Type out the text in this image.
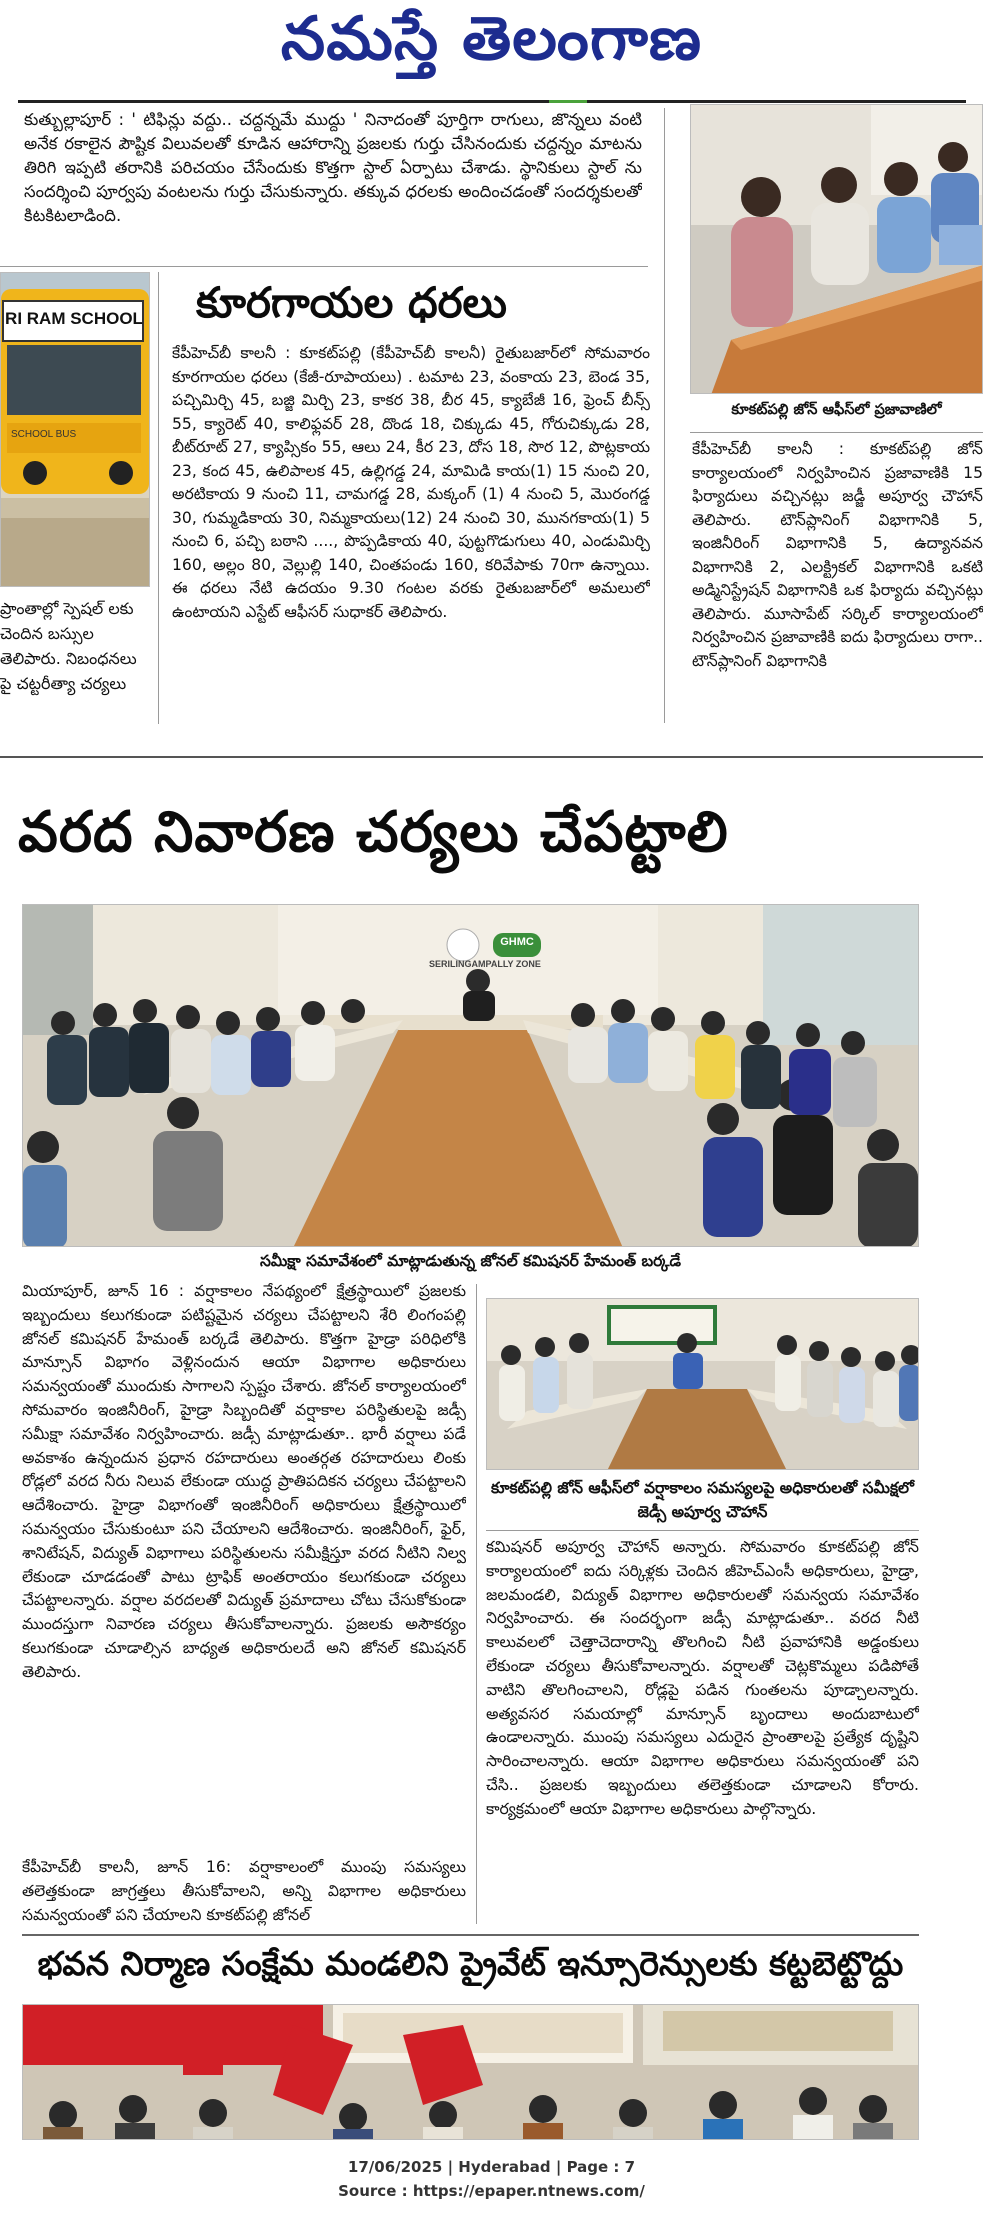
నమస్తే తెలంగాణ
కుత్బుల్లాపూర్ : ' టిఫిన్లు వద్దు.. చద్దన్నమే ముద్దు ' నినాదంతో పూర్తిగా రాగులు, జొన్నలు వంటి అనేక రకాలైన పౌష్టిక విలువలతో కూడిన ఆహారాన్ని ప్రజలకు గుర్తు చేసినందుకు చద్దన్నం మాటను తిరిగి ఇప్పటి తరానికి పరిచయం చేసేందుకు కొత్తగా స్టాల్ ఏర్పాటు చేశాడు. స్థానికులు స్టాల్ ను సందర్శించి పూర్వపు వంటలను గుర్తు చేసుకున్నారు. తక్కువ ధరలకు అందించడంతో సందర్శకులతో కిటకిటలాడింది.
కూకట్‌పల్లి జోన్ ఆఫీస్‌లో ప్రజావాణిలో
RI RAM SCHOOL
SCHOOL BUS
ప్రాంతాల్లో స్పెషల్ లకు చెందిన బస్సుల తెలిపారు. నిబంధనలు పై చట్టరీత్యా చర్యలు
కూరగాయల ధరలు
కేపీహెచ్‌బీ కాలనీ : కూకట్‌పల్లి (కేపీహెచ్‌బీ కాలనీ) రైతుబజార్‌లో సోమవారం కూరగాయల ధరలు (కేజీ-రూపాయలు) . టమాట 23, వంకాయ 23, బెండ 35, పచ్చిమిర్చి 45, బజ్జి మిర్చి 23, కాకర 38, బీర 45, క్యాబేజీ 16, ఫ్రెంచ్ బీన్స్ 55, క్యారెట్ 40, కాలిఫ్లవర్ 28, దొండ 18, చిక్కుడు 45, గోరుచిక్కుడు 28, బీట్‌రూట్ 27, క్యాప్సికం 55, ఆలు 24, కీర 23, దోస 18, సొర 12, పొట్లకాయ 23, కంద 45, ఉలిపాలక 45, ఉల్లిగడ్డ 24, మామిడి కాయ(1) 15 నుంచి 20, అరటికాయ 9 నుంచి 11, చామగడ్డ 28, మక్కంగ్ (1) 4 నుంచి 5, మొరంగడ్డ 30, గుమ్మడికాయ 30, నిమ్మకాయలు(12) 24 నుంచి 30, మునగకాయ(1) 5 నుంచి 6, పచ్చి బఠాని ...., పొప్పడికాయ 40, పుట్టగొడుగులు 40, ఎండుమిర్చి 160, అల్లం 80, వెల్లుల్లి 140, చింతపండు 160, కరివేపాకు 70గా ఉన్నాయి. ఈ ధరలు నేటి ఉదయం 9.30 గంటల వరకు రైతుబజార్‌లో అమలులో ఉంటాయని ఎస్టేట్ ఆఫీసర్ సుధాకర్ తెలిపారు.
కేపీహెచ్‌బీ కాలనీ : కూకట్‌పల్లి జోన్ కార్యాలయంలో నిర్వహించిన ప్రజావాణికి 15 ఫిర్యాదులు వచ్చినట్లు జడ్జీ అపూర్వ చౌహాన్ తెలిపారు. టౌన్‌ప్లానింగ్ విభాగానికి 5, ఇంజినీరింగ్ విభాగానికి 5, ఉద్యానవన విభాగానికి 2, ఎలక్ట్రికల్ విభాగానికి ఒకటి అడ్మినిస్ట్రేషన్ విభాగానికి ఒక ఫిర్యాదు వచ్చినట్లు తెలిపారు. మూసాపేట్ సర్కిల్ కార్యాలయంలో నిర్వహించిన ప్రజావాణికి ఐదు ఫిర్యాదులు రాగా.. టౌన్‌ప్లానింగ్ విభాగానికి
వరద నివారణ చర్యలు చేపట్టాలి
SERILINGAMPALLY ZONE
GHMC
సమీక్షా సమావేశంలో మాట్లాడుతున్న జోనల్ కమిషనర్ హేమంత్ బర్కడే
మియాపూర్, జూన్ 16 : వర్షాకాలం నేపథ్యంలో క్షేత్రస్థాయిలో ప్రజలకు ఇబ్బందులు కలుగకుండా పటిష్టమైన చర్యలు చేపట్టాలని శేరి లింగంపల్లి జోనల్ కమిషనర్ హేమంత్ బర్కడే తెలిపారు. కొత్తగా హైడ్రా పరిధిలోకి మాన్సూన్ విభాగం వెళ్లినందున ఆయా విభాగాల అధికారులు సమన్వయంతో ముందుకు సాగాలని స్పష్టం చేశారు. జోనల్ కార్యాలయంలో సోమవారం ఇంజినీరింగ్, హైడ్రా సిబ్బందితో వర్షాకాల పరిస్థితులపై జడ్సీ సమీక్షా సమావేశం నిర్వహించారు. జడ్సీ మాట్లాడుతూ.. భారీ వర్షాలు పడే అవకాశం ఉన్నందున ప్రధాన రహదారులు అంతర్గత రహదారులు లింకు రోడ్లలో వరద నీరు నిలువ లేకుండా యుద్ధ ప్రాతిపదికన చర్యలు చేపట్టాలని ఆదేశించారు. హైడ్రా విభాగంతో ఇంజినీరింగ్ అధికారులు క్షేత్రస్థాయిలో సమన్వయం చేసుకుంటూ పని చేయాలని ఆదేశించారు. ఇంజినీరింగ్, ఫైర్, శానిటేషన్, విద్యుత్ విభాగాలు పరిస్థితులను సమీక్షిస్తూ వరద నీటిని నిల్వ లేకుండా చూడడంతో పాటు ట్రాఫిక్ అంతరాయం కలుగకుండా చర్యలు చేపట్టాలన్నారు. వర్షాల వరదలతో విద్యుత్ ప్రమాదాలు చోటు చేసుకోకుండా ముందస్తుగా నివారణ చర్యలు తీసుకోవాలన్నారు. ప్రజలకు అసౌకర్యం కలుగకుండా చూడాల్సిన బాధ్యత అధికారులదే అని జోనల్ కమిషనర్ తెలిపారు.
కేపీహెచ్‌బీ కాలనీ, జూన్ 16: వర్షాకాలంలో ముంపు సమస్యలు తలెత్తకుండా జాగ్రత్తలు తీసుకోవాలని, అన్ని విభాగాల అధికారులు సమన్వయంతో పని చేయాలని కూకట్‌పల్లి జోనల్
కూకట్‌పల్లి జోన్ ఆఫీస్‌లో వర్షాకాలం సమస్యలపై అధికారులతో సమీక్షలో జెడ్సీ అపూర్వ చౌహాన్
కమిషనర్ అపూర్వ చౌహాన్ అన్నారు. సోమవారం కూకట్‌పల్లి జోన్ కార్యాలయంలో ఐదు సర్కిళ్లకు చెందిన జీహెచ్ఎంసీ అధికారులు, హైడ్రా, జలమండలి, విద్యుత్ విభాగాల అధికారులతో సమన్వయ సమావేశం నిర్వహించారు. ఈ సందర్భంగా జడ్సీ మాట్లాడుతూ.. వరద నీటి కాలువలలో చెత్తాచెదారాన్ని తొలగించి నీటి ప్రవాహానికి అడ్డంకులు లేకుండా చర్యలు తీసుకోవాలన్నారు. వర్షాలతో చెట్లకొమ్మలు పడిపోతే వాటిని తొలగించాలని, రోడ్లపై పడిన గుంతలను పూడ్చాలన్నారు. అత్యవసర సమయాల్లో మాన్సూన్ బృందాలు అందుబాటులో ఉండాలన్నారు. ముంపు సమస్యలు ఎదురైన ప్రాంతాలపై ప్రత్యేక దృష్టిని సారించాలన్నారు. ఆయా విభాగాల అధికారులు సమన్వయంతో పని చేసి.. ప్రజలకు ఇబ్బందులు తలెత్తకుండా చూడాలని కోరారు. కార్యక్రమంలో ఆయా విభాగాల అధికారులు పాల్గొన్నారు.
భవన నిర్మాణ సంక్షేమ మండలిని ప్రైవేట్ ఇన్సూరెన్సులకు కట్టబెట్టొద్దు
17/06/2025 | Hyderabad | Page : 7
Source : https://epaper.ntnews.com/
